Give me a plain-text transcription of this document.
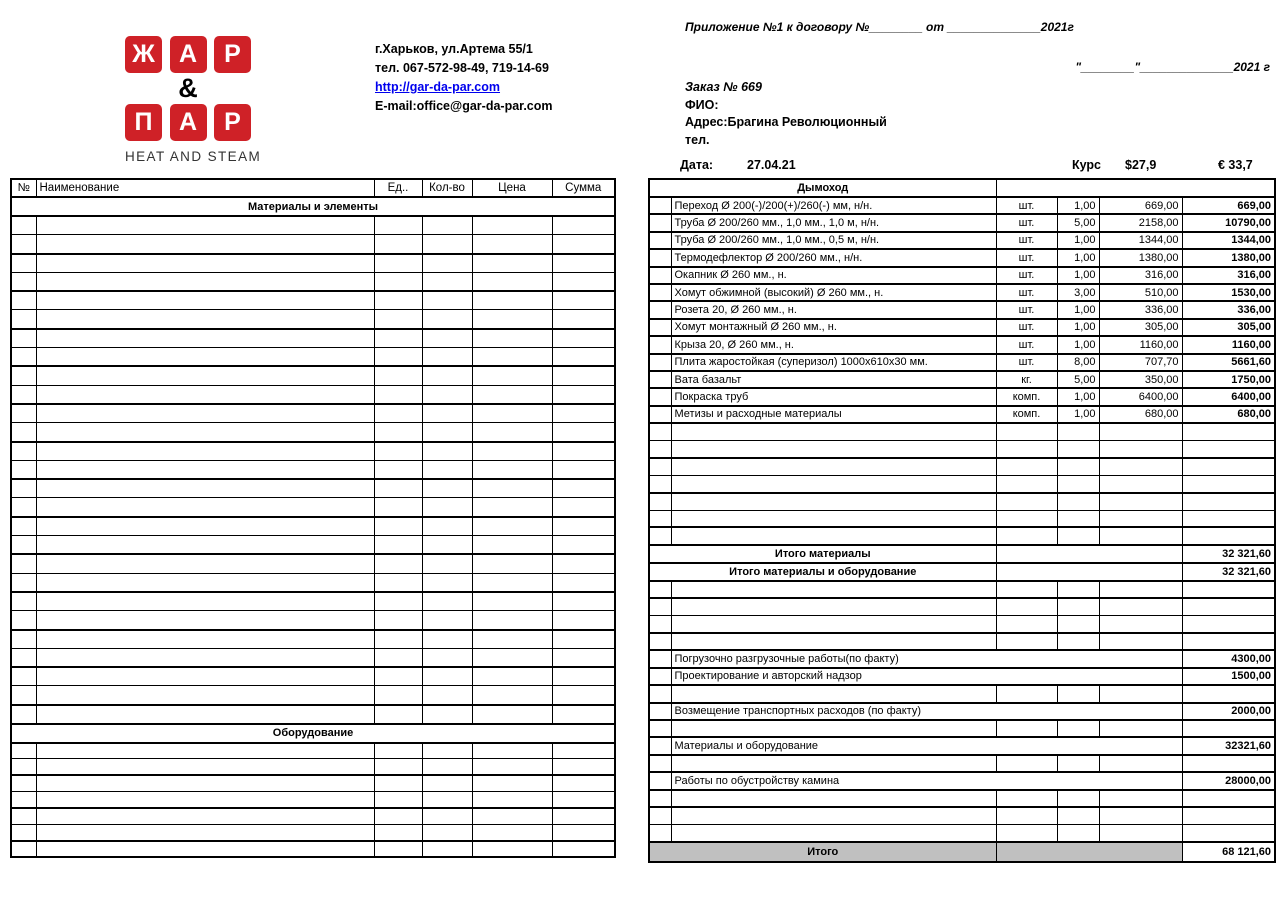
Ж А	Р
&
П	А	Р
HEAT AND STEAM
г.Харьков, ул.Артема 55/1
тел. 067-572-98-49, 719-14-69
http://gar-da-par.com
E-mail:office@gar-da-par.com
Приложение №1 к договору №________ от ______________2021г
"________"______________2021 г
Заказ № 669
ФИО:
Адрес:Брагина Революционный
тел.
Дата:	27.04.21	Курс $27,9	€ 33,7
№	Наименование	Ед..	Кол-во	Цена	Сумма
Материалы и элементы					

Оборудование					

Дымоход					
	Переход Ø 200(-)/200(+)/260(-) мм, н/н.	шт.	1,00	669,00	669,00
	Труба Ø 200/260 мм., 1,0 мм., 1,0 м, н/н.	шт.	5,00	2158,00	10790,00
	Труба Ø 200/260 мм., 1,0 мм., 0,5 м, н/н.	шт.	1,00	1344,00	1344,00
	Термодефлектор Ø 200/260 мм., н/н.	шт.	1,00	1380,00	1380,00
	Окапник Ø 260 мм., н.	шт.	1,00	316,00	316,00
	Хомут обжимной (высокий) Ø 260 мм., н.	шт.	3,00	510,00	1530,00
	Розета 20, Ø 260 мм., н.	шт.	1,00	336,00	336,00
	Хомут монтажный Ø 260 мм., н.	шт.	1,00	305,00	305,00
	Крыза 20, Ø 260 мм., н.	шт.	1,00	1160,00	1160,00
	Плита жаростойкая (суперизол) 1000х610х30 мм.	шт.	8,00	707,70	5661,60
	Вата базальт	кг.	5,00	350,00	1750,00
	Покраска труб	комп.	1,00	6400,00	6400,00
	Метизы и расходные материалы	комп.	1,00	680,00	680,00

Итого материалы					32 321,60
Итого материалы и оборудование					32 321,60

	Погрузочно разгрузочные работы(по факту)				4300,00
	Проектирование и авторский надзор				1500,00

	Возмещение транспортных расходов (по факту)				2000,00

	Материалы и оборудование				32321,60

	Работы по обустройству камина				28000,00

Итого					68 121,60
